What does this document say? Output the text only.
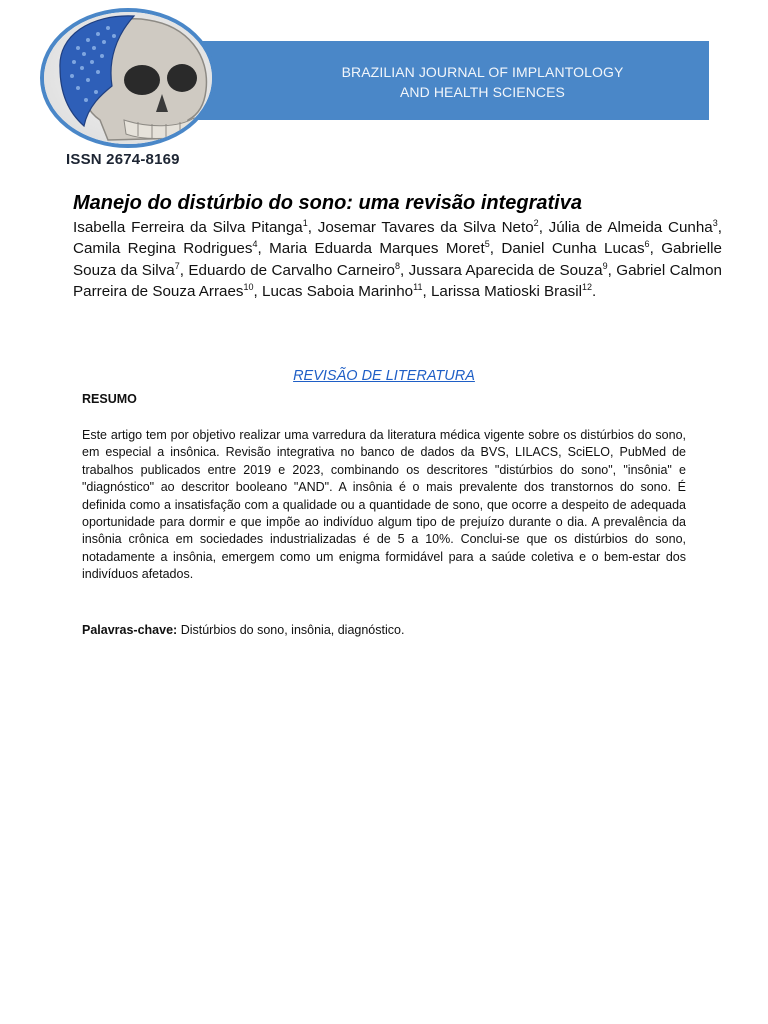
BRAZILIAN JOURNAL OF IMPLANTOLOGY
AND HEALTH SCIENCES
ISSN 2674-8169
Manejo do distúrbio do sono: uma revisão integrativa
Isabella Ferreira da Silva Pitanga$^1$, Josemar Tavares da Silva Neto$^2$, Júlia de Almeida Cunha$^3$, Camila Regina Rodrigues$^4$, Maria Eduarda Marques Moret$^5$, Daniel Cunha Lucas$^6$, Gabrielle Souza da Silva$^7$, Eduardo de Carvalho Carneiro$^8$, Jussara Aparecida de Souza$^9$, Gabriel Calmon Parreira de Souza Arraes$^{10}$, Lucas Saboia Marinho$^{11}$, Larissa Matioski Brasil$^{12}$.
REVISÃO DE LITERATURA
RESUMO
Este artigo tem por objetivo realizar uma varredura da literatura médica vigente sobre os distúrbios do sono, em especial a insônica. Revisão integrativa no banco de dados da BVS, LILACS, SciELO, PubMed de trabalhos publicados entre 2019 e 2023, combinando os descritores "distúrbios do sono", "insônia" e "diagnóstico" ao descritor booleano "AND". A insônia é o mais prevalente dos transtornos do sono. É definida como a insatisfação com a qualidade ou a quantidade de sono, que ocorre a despeito de adequada oportunidade para dormir e que impõe ao indivíduo algum tipo de prejuízo durante o dia. A prevalência da insônia crônica em sociedades industrializadas é de 5 a 10%. Conclui-se que os distúrbios do sono, notadamente a insônia, emergem como um enigma formidável para a saúde coletiva e o bem-estar dos indivíduos afetados.
Palavras-chave: Distúrbios do sono, insônia, diagnóstico.
